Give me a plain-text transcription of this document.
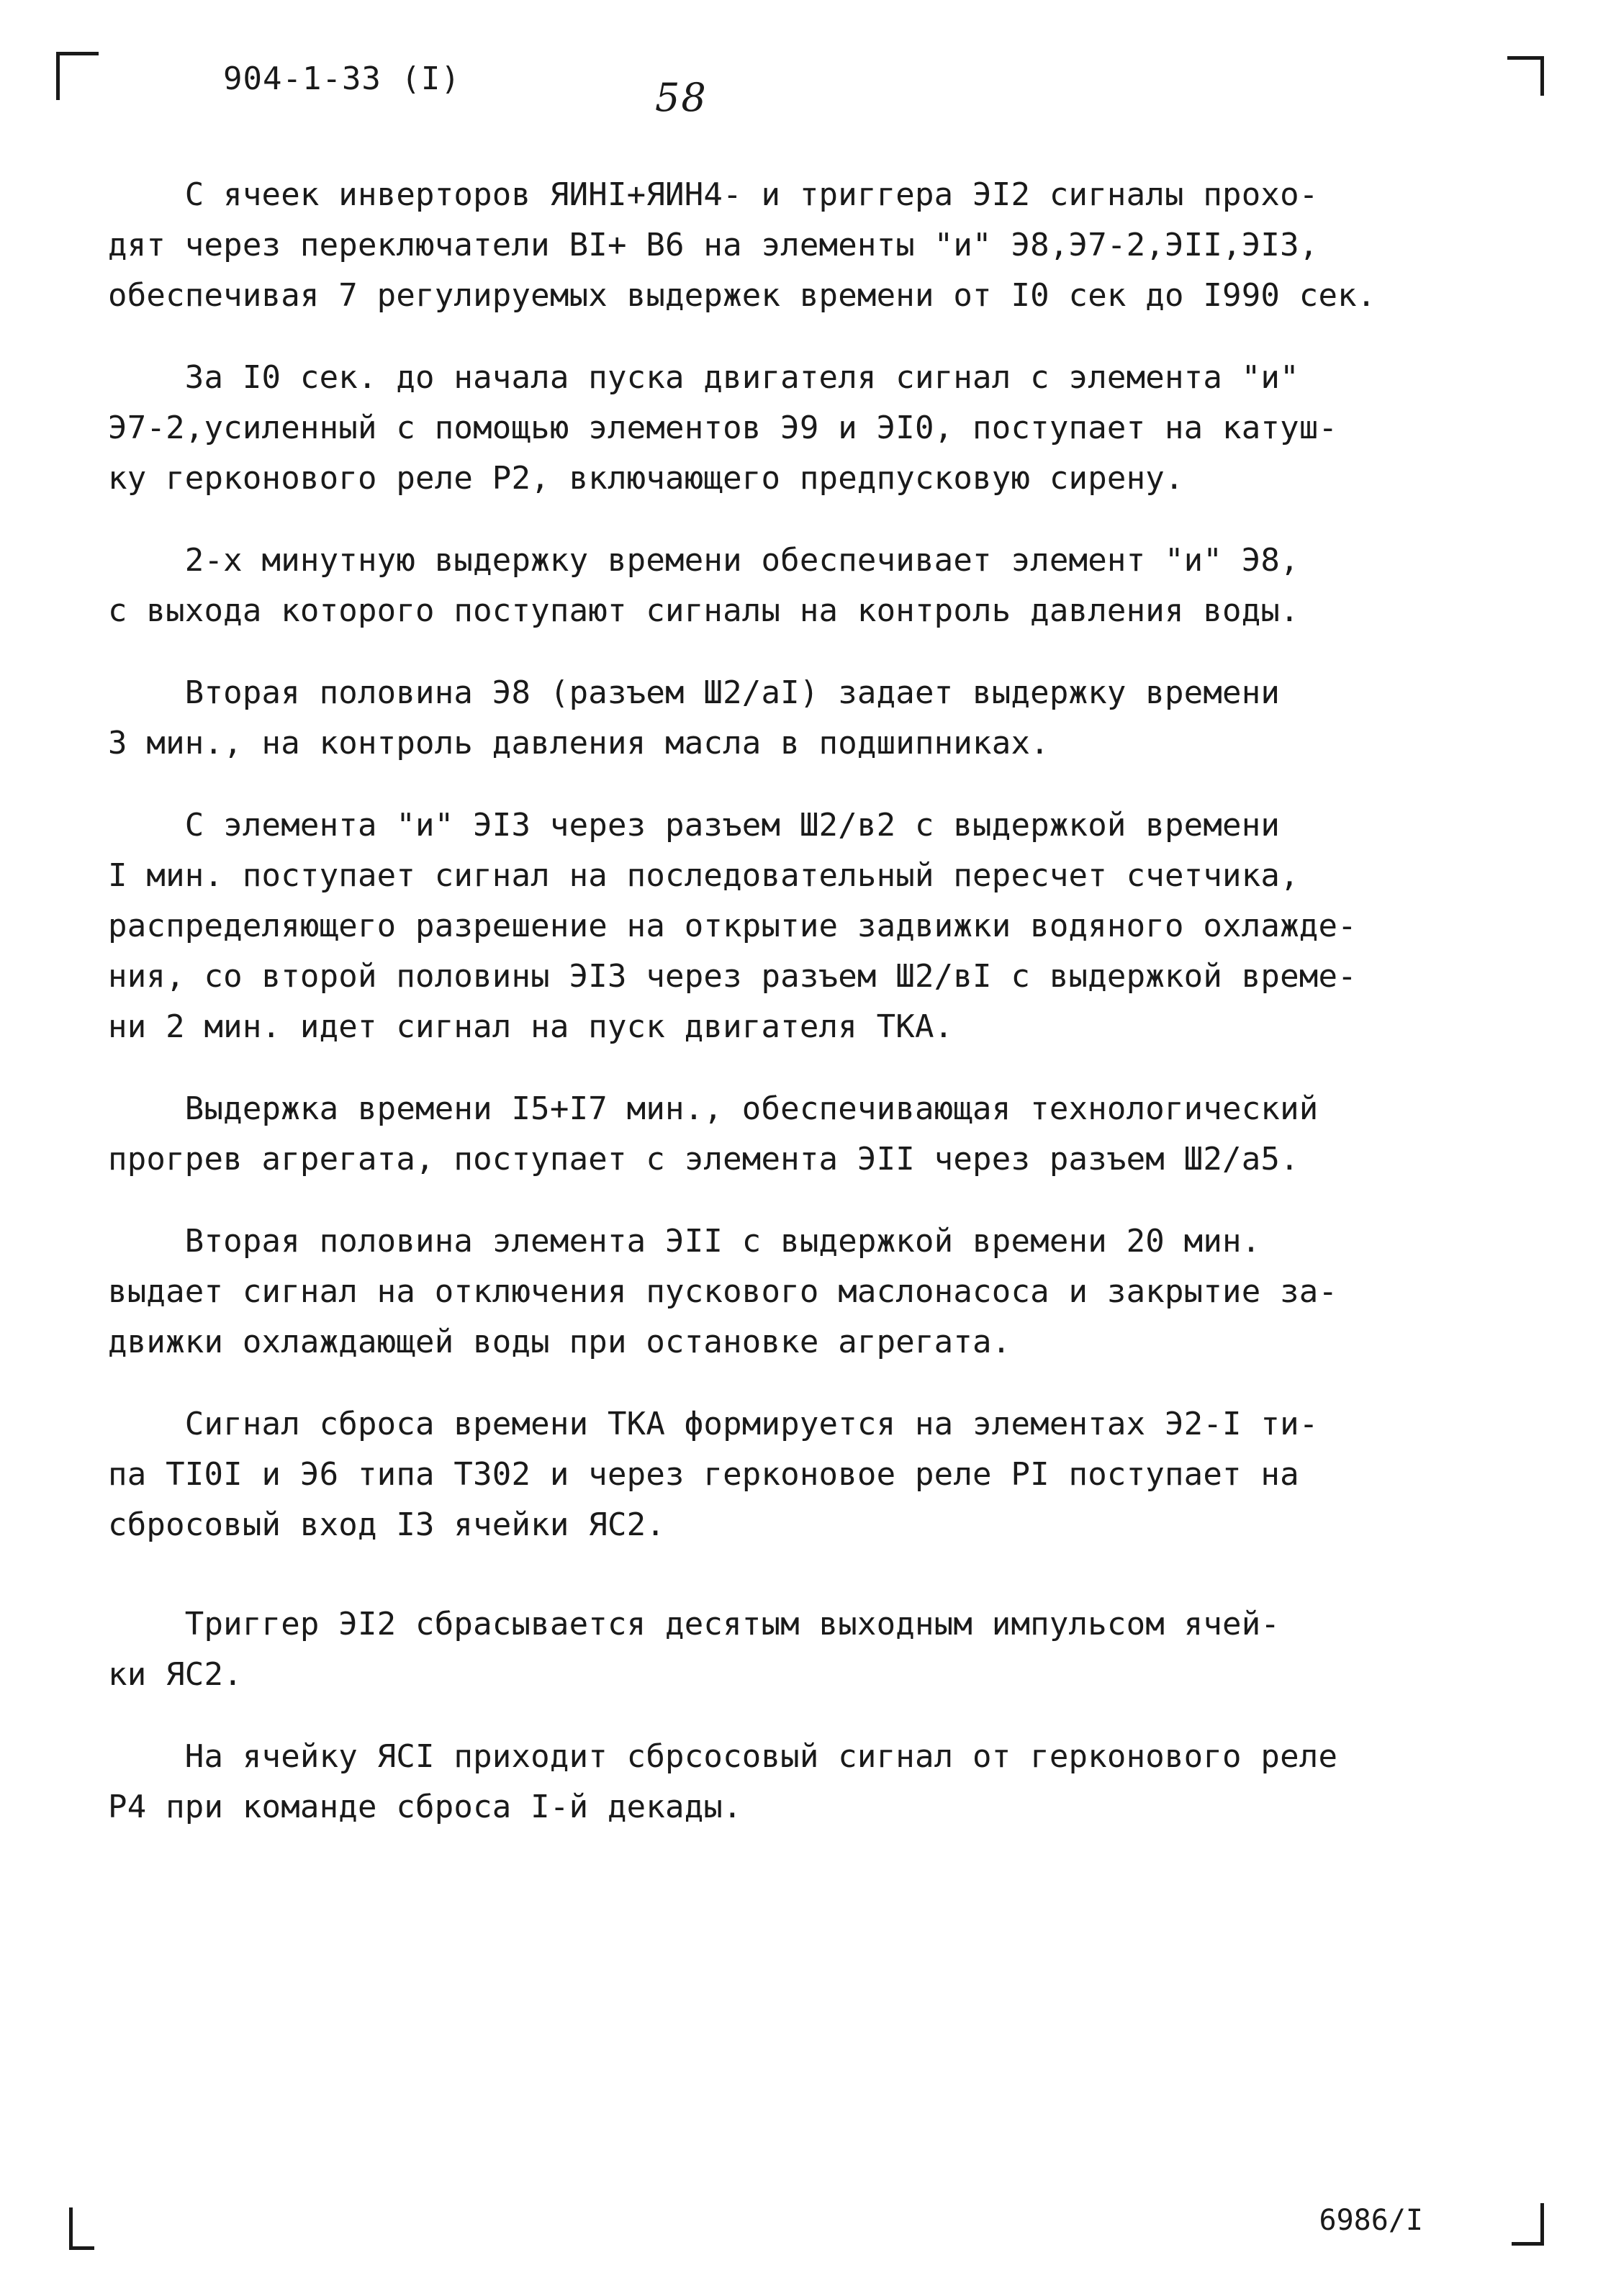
904-1-33 (I)	58
С ячеек инверторов ЯИНI+ЯИН4- и триггера ЭI2 сигналы прохо-
дят через переключатели BI+ B6 на элементы "и" Э8,Э7-2,ЭII,ЭI3,
обеспечивая 7 регулируемых выдержек времени от I0 сек до I990 сек.
За I0 сек. до начала пуска двигателя сигнал с элемента "и"
Э7-2,усиленный с помощью элементов Э9 и ЭI0, поступает на катуш-
ку герконового реле P2, включающего предпусковую сирену.
2-х минутную выдержку времени обеспечивает элемент "и" Э8,
с выхода которого поступают сигналы на контроль давления воды.
Вторая половина Э8 (разъем Ш2/aI) задает выдержку времени
3 мин., на контроль давления масла в подшипниках.
С элемента "и" ЭI3 через разъем Ш2/в2 с выдержкой времени
I мин. поступает сигнал на последовательный пересчет счетчика,
распределяющего разрешение на открытие задвижки водяного охлажде-
ния, со второй половины ЭI3 через разъем Ш2/вI с выдержкой време-
ни 2 мин. идет сигнал на пуск двигателя ТКА.
Выдержка времени I5+I7 мин., обеспечивающая технологический
прогрев агрегата, поступает с элемента ЭII через разъем Ш2/a5.
Вторая половина элемента ЭII с выдержкой времени 20 мин.
выдает сигнал на отключения пускового маслонасоса и закрытие за-
движки охлаждающей воды при остановке агрегата.
Сигнал сброса времени ТКА формируется на элементах Э2-I ти-
па ТI0I и Э6 типа Т302 и через герконовое реле PI поступает на
сбросовый вход I3 ячейки ЯС2.
Триггер ЭI2 сбрасывается десятым выходным импульсом ячей-
ки ЯС2.
На ячейку ЯСI приходит сбрсосовый сигнал от герконового реле
P4 при команде сброса I-й декады.
6986/I
